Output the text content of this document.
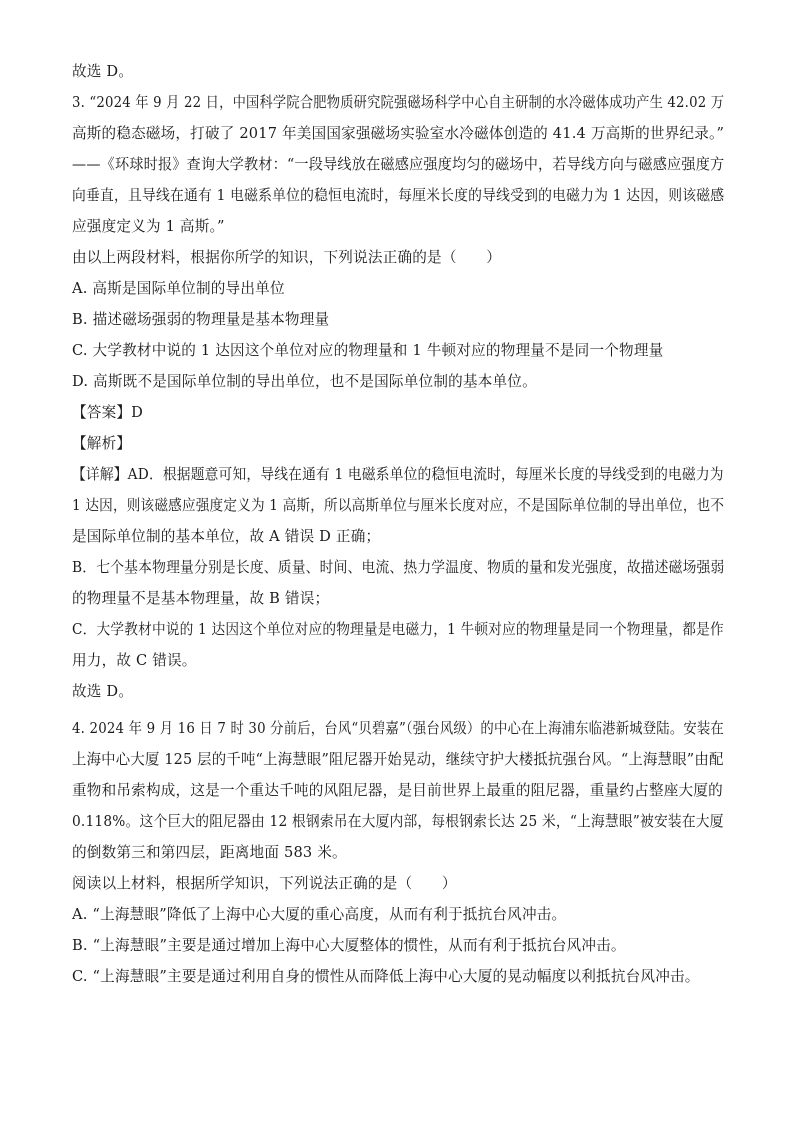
故选 D。
3. “2024 年 9 月 22 日，中国科学院合肥物质研究院强磁场科学中心自主研制的水冷磁体成功产生 42.02 万
高斯的稳态磁场，打破了 2017 年美国国家强磁场实验室水冷磁体创造的 41.4 万高斯的世界纪录。”
——《环球时报》查询大学教材：“一段导线放在磁感应强度均匀的磁场中，若导线方向与磁感应强度方
向垂直，且导线在通有 1 电磁系单位的稳恒电流时，每厘米长度的导线受到的电磁力为 1 达因，则该磁感
应强度定义为 1 高斯。”
由以上两段材料，根据你所学的知识，下列说法正确的是（　　）
A. 高斯是国际单位制的导出单位
B. 描述磁场强弱的物理量是基本物理量
C. 大学教材中说的 1 达因这个单位对应的物理量和 1 牛顿对应的物理量不是同一个物理量
D. 高斯既不是国际单位制的导出单位，也不是国际单位制的基本单位。
【答案】D
【解析】
【详解】AD．根据题意可知，导线在通有 1 电磁系单位的稳恒电流时，每厘米长度的导线受到的电磁力为
1 达因，则该磁感应强度定义为 1 高斯，所以高斯单位与厘米长度对应，不是国际单位制的导出单位，也不
是国际单位制的基本单位，故 A 错误 D 正确；
B．七个基本物理量分别是长度、质量、时间、电流、热力学温度、物质的量和发光强度，故描述磁场强弱
的物理量不是基本物理量，故 B 错误；
C．大学教材中说的 1 达因这个单位对应的物理量是电磁力，1 牛顿对应的物理量是同一个物理量，都是作
用力，故 C 错误。
故选 D。
4. 2024 年 9 月 16 日 7 时 30 分前后，台风“贝碧嘉”（强台风级）的中心在上海浦东临港新城登陆。安装在
上海中心大厦 125 层的千吨“上海慧眼”阻尼器开始晃动，继续守护大楼抵抗强台风。“上海慧眼”由配
重物和吊索构成，这是一个重达千吨的风阻尼器，是目前世界上最重的阻尼器，重量约占整座大厦的
0.118%。这个巨大的阻尼器由 12 根钢索吊在大厦内部，每根钢索长达 25 米，“上海慧眼”被安装在大厦
的倒数第三和第四层，距离地面 583 米。
阅读以上材料，根据所学知识，下列说法正确的是（　　）
A. “上海慧眼”降低了上海中心大厦的重心高度，从而有利于抵抗台风冲击。
B. “上海慧眼”主要是通过增加上海中心大厦整体的惯性，从而有利于抵抗台风冲击。
C. “上海慧眼”主要是通过利用自身的惯性从而降低上海中心大厦的晃动幅度以利抵抗台风冲击。
